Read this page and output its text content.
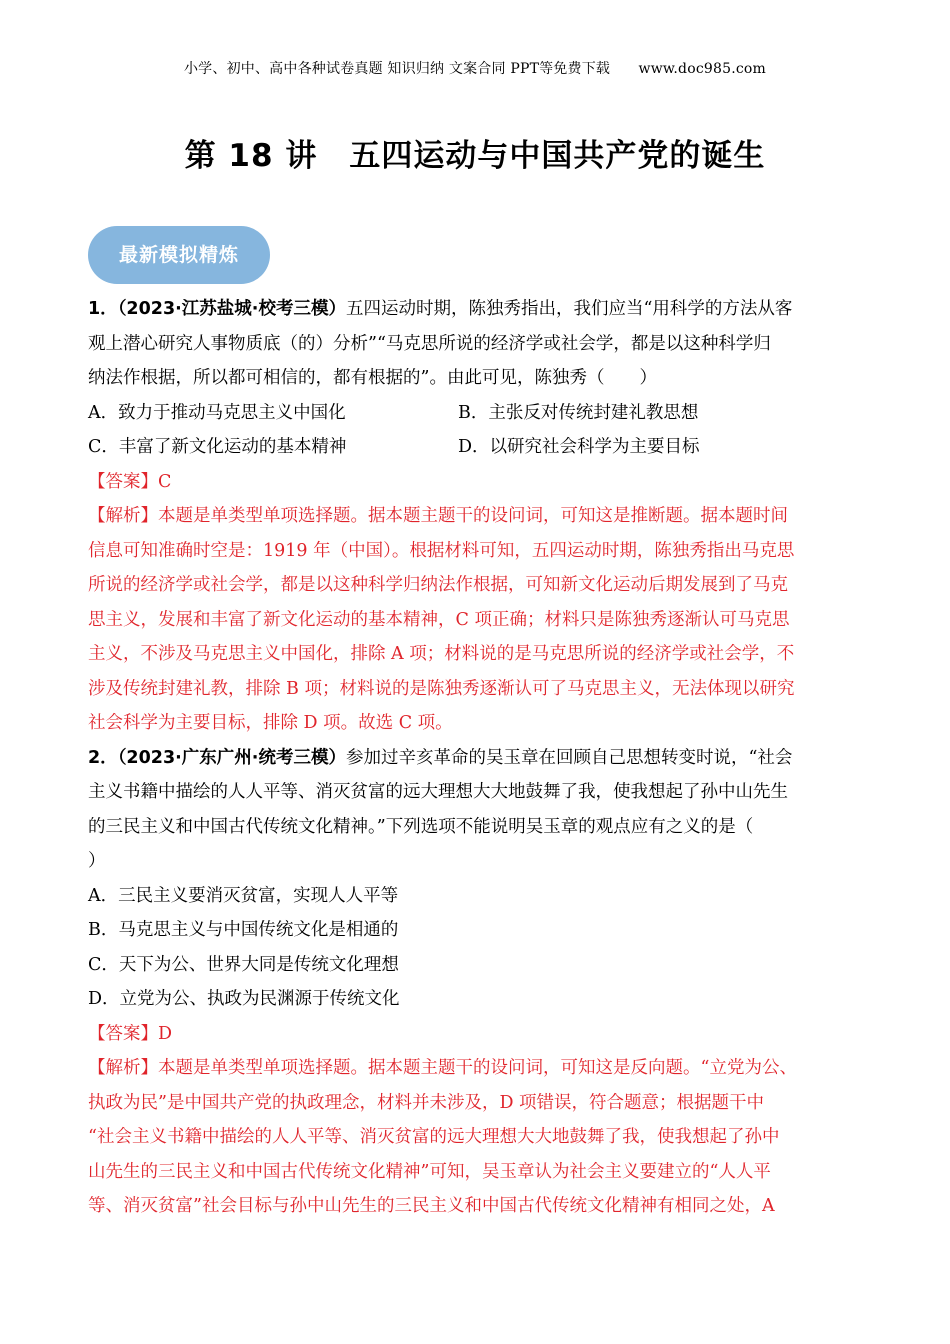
小学、初中、高中各种试卷真题 知识归纳 文案合同 PPT等免费下载　　www.doc985.com
第 18 讲　五四运动与中国共产党的诞生
最新模拟精炼
1．（2023·江苏盐城·校考三模）五四运动时期，陈独秀指出，我们应当“用科学的方法从客
观上潜心研究人事物质底（的）分析”“马克思所说的经济学或社会学，都是以这种科学归
纳法作根据，所以都可相信的，都有根据的”。由此可见，陈独秀（　　）
A．致力于推动马克思主义中国化	B．主张反对传统封建礼教思想
C．丰富了新文化运动的基本精神	D．以研究社会科学为主要目标
【答案】C
【解析】本题是单类型单项选择题。据本题主题干的设问词，可知这是推断题。据本题时间
信息可知准确时空是：1919 年（中国）。根据材料可知，五四运动时期，陈独秀指出马克思
所说的经济学或社会学，都是以这种科学归纳法作根据，可知新文化运动后期发展到了马克
思主义，发展和丰富了新文化运动的基本精神，C 项正确；材料只是陈独秀逐渐认可马克思
主义，不涉及马克思主义中国化，排除 A 项；材料说的是马克思所说的经济学或社会学，不
涉及传统封建礼教，排除 B 项；材料说的是陈独秀逐渐认可了马克思主义，无法体现以研究
社会科学为主要目标，排除 D 项。故选 C 项。
2．（2023·广东广州·统考三模）参加过辛亥革命的吴玉章在回顾自己思想转变时说，“社会
主义书籍中描绘的人人平等、消灭贫富的远大理想大大地鼓舞了我，使我想起了孙中山先生
的三民主义和中国古代传统文化精神。”下列选项不能说明吴玉章的观点应有之义的是（
）
A．三民主义要消灭贫富，实现人人平等
B．马克思主义与中国传统文化是相通的
C．天下为公、世界大同是传统文化理想
D．立党为公、执政为民渊源于传统文化
【答案】D
【解析】本题是单类型单项选择题。据本题主题干的设问词，可知这是反向题。“立党为公、
执政为民”是中国共产党的执政理念，材料并未涉及，D 项错误，符合题意；根据题干中
“社会主义书籍中描绘的人人平等、消灭贫富的远大理想大大地鼓舞了我，使我想起了孙中
山先生的三民主义和中国古代传统文化精神”可知，吴玉章认为社会主义要建立的“人人平
等、消灭贫富”社会目标与孙中山先生的三民主义和中国古代传统文化精神有相同之处，A
